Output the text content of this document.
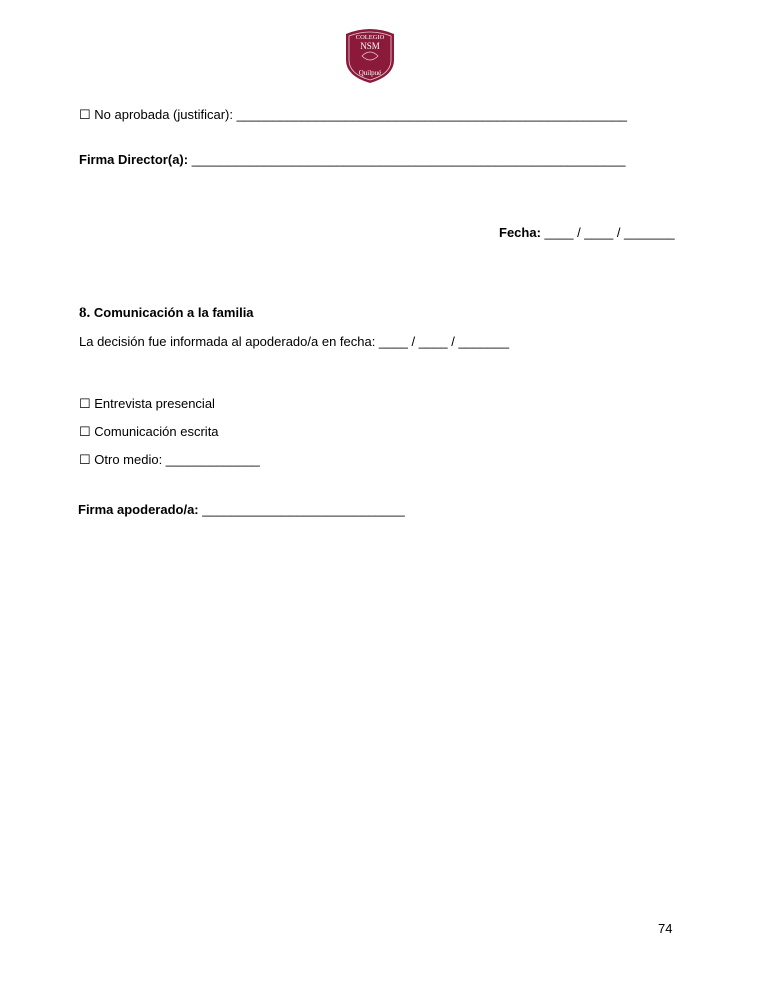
COLEGIO
NSM
Quilpué
☐ No aprobada (justificar): ______________________________________________________
Firma Director(a): ____________________________________________________________
Fecha: ____ / ____ / _______
8. Comunicación a la familia
La decisión fue informada al apoderado/a en fecha: ____ / ____ / _______
☐ Entrevista presencial
☐ Comunicación escrita
☐ Otro medio: _____________
Firma apoderado/a: ____________________________
74
